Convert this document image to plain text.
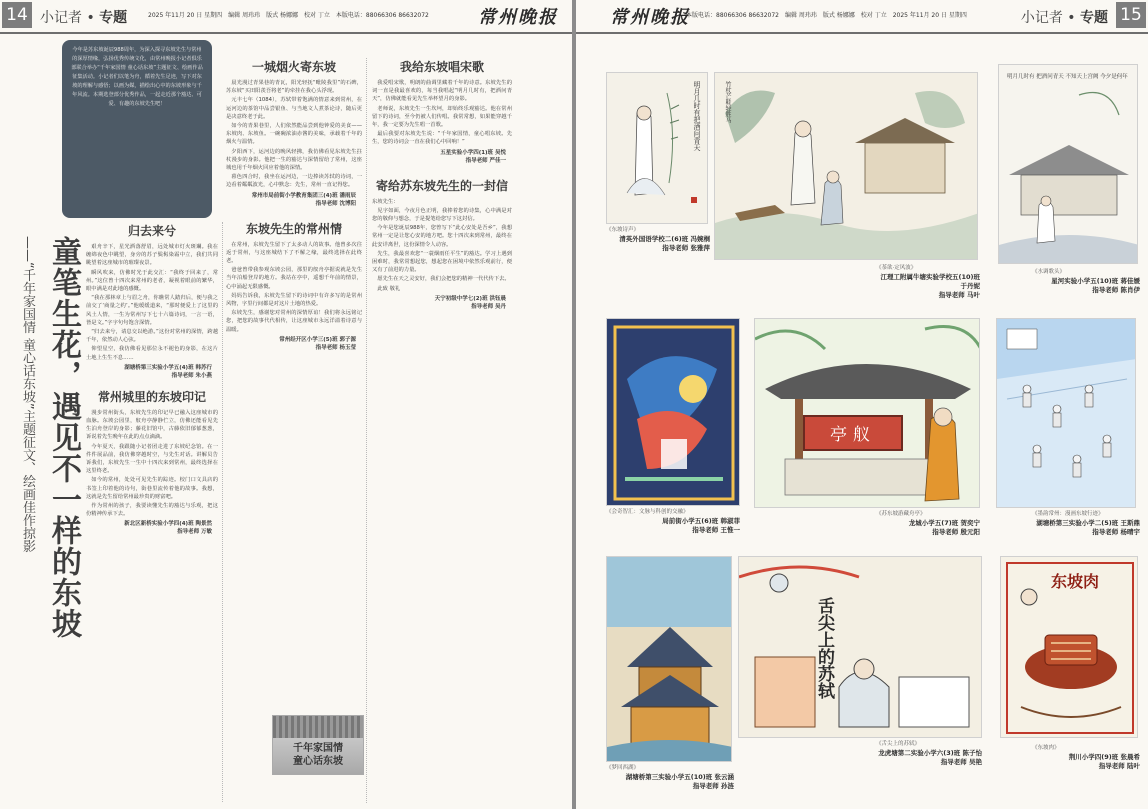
14 小记者 • 专题	2025 年11月 20 日 星期四　编辑 周玮玮　版式 杨娜娜　校对 丁立　本版电话：88066306 86632072	常州晚报

今年是苏东坡诞辰988周年，为深入探寻东坡先生与常州的深厚情缘，弘扬优秀传统文化，由常州晚报小记者俱乐部联合举办“千年家国情 童心话东坡”主题征文、绘画作品征集活动。小记者们以笔为舟，循着先生足迹，写下对东坡的理解与感悟；以画为媒，描绘出心中的东坡形象与千年风流。本期选登部分优秀作品，一起走近那个豁达、可爱、有趣的东坡先生吧！

——“千年家国情 童心话东坡”主题征文、绘画佳作掠影 童笔生花，遇见不一样的东坡
归去来兮

艰舟辛下，星光洒落舒眉，远处城市灯火斑斓。我在缠绵夜色中眺望，身旁的苏子鬓髯染霜中立，我们共同眺望着这座城市的璀璨夜景。

瞬风吹来，仿佛时光于此交汇：“我终于回来了，常州。”这位曾十四次来常州的老者，凝视着眼前的繁华，眼中满是对此地的感慨。

“我在那林章上与眉之舟，你瞧常人踏归后，便与我之前交了‘商量之约’。”他缓缓道来，“那时便爱上了这里的风土人情，一生为常州写下七十六篇诗词，一言一语，皆是文。”字字句句饱含深情。

“归去来兮，请息交以绝游。”这份对常州的深情，跨越千年，依然动人心弦。

仰望星空，我仿佛看见那位永不褪色的身影，在这片土地上生生不息……

湖塘桥第三实验小学五(4)班 韩苏行
指导老师 朱小燕
常州城里的东坡印记

漫步常州街头，东坡先生的印记早已融入这座城市的血脉。东坡公园里，舣舟亭静静伫立，仿佛还能看见先生泊舟登岸的身影；藤花旧馆中，古藤依旧郁郁葱葱，诉说着先生晚年在此的点点滴滴。

今年夏天，我跟随小记者团走进了东坡纪念馆。在一件件展品前，我仿佛穿越时空，与先生对话。讲解员告诉我们，东坡先生一生中十四次来到常州，最终选择在这里终老。

如今的常州，处处可见先生的踪迹。校门口文具店的书签上印着他的诗句，街巷里流传着他的故事。我想，这就是先生留给常州最珍贵的财富吧。

作为常州的孩子，我要读懂先生的豁达与乐观，把这份精神传承下去。

新北区新桥实验小学四(4)班 陶景然
指导老师 万敏
一城烟火寄东坡

晨光漫过青果巷的青瓦，阳光轻抚“毗陵我里”的石碑，苏东坡“买田阳羡吾将老”的牵挂在我心头浮现。

元丰七年（1084），苏轼带着饱满的情意来到常州，在运河边的茶馆中品尝银鱼、与当地文人煮茶论诗，随后更是决意终老于此。

如今的青果巷里，人们依然能品尝到他钟爱的美食——东坡肉、东坡鱼。一碗碗浓油赤酱的美味，承载着千年的烟火与温情。

夕阳西下，运河边的晚风轻拂，我仿佛看见东坡先生拄杖漫步的身影。他把一生的豁达与深情留给了常州，这座城也用千年烟火回应着他的深情。

暮色四合时，我坐在运河边，一边捧读苏轼的诗词，一边看着粼粼波光，心中默念：先生，常州一直记得您。

常州市局前街小学教育集团三(4)班 潘雨辰
指导老师 沈博阳
东坡先生的常州情

在常州，东坡先生留下了太多动人的故事。他曾多次往返于常州，与这座城结下了不解之缘，最终选择在此终老。

爸爸曾带我参观东坡公园，那里的舣舟亭据说就是先生当年泊船登岸的地方。我站在亭中，遥想千年前的情景，心中涌起无限感慨。

妈妈告诉我，东坡先生留下的诗词中有许多写的是常州风物，字里行间都是对这片土地的热爱。

东坡先生，感谢您对常州的深情厚谊！我们将永远铭记您，把您的故事代代相传，让这座城市永远洋溢着诗意与温暖。

常州经开区小学三(5)班 郭子源
指导老师 杨玉莹
我给东坡唱宋歌

我爱唱宋歌，明朗的曲调里藏着千年的诗意。东坡先生的词一直是我最喜欢的，每当我唱起“明月几时有，把酒问青天”，仿佛就能看见先生举杯望月的身影。

老师说，东坡先生一生坎坷，却始终乐观豁达。他在常州留下的诗词，至今仍被人们传唱。我常常想，如果能穿越千年，我一定要为先生唱一首歌。

最后我要对东坡先生说：“千年家国情，童心唱东坡。先生，您的诗词会一直在我们心中回响！”

五星实验小学四(1)班 吴悦
指导老师 严佳一
寄给苏东坡先生的一封信

东坡先生：

见字如面，今夜月色正明，我捧着您的诗集，心中满是对您的敬仰与想念，于是提笔给您写下这封信。

今年是您诞辰988年，您曾写下“此心安处是吾乡”，我想常州一定是让您心安的地方吧。您十四次来到常州，最终在此安详离世，这份深情令人动容。

先生，我最喜欢您“一蓑烟雨任平生”的豁达。学习上遇到困难时，我常常想起您，想起您在困境中依然乐观前行，便又有了前进的力量。

愿先生在天之灵安好，我们会把您的精神一代代传下去。

此致 敬礼

天宁初级中学七(2)班 洪钰晨
指导老师 吴丹
千年家国情
童心话东坡
常州晚报
本版电话：88066306 86632072　编辑 周玮玮　版式 杨娜娜　校对 丁立　2025 年11月 20 日 星期四	小记者 • 专题 15
明月几时有把酒问青天
《东坡诗声》
清英外国语学校二(6)班 冯婉桐
指导老师 张雅萍
竹杖芒鞋轻胜马
《茶欲·定风波》
江理工附属牛塘实验学校五(10)班 于丹妮
指导老师 马叶
明月几时有 把酒问青天 不知天上宫阙 今夕是何年
《水调歌头》
星河实验小学五(10)班 蒋佳媛
指导老师 陈肖伊
《会奇智汇：文脉与科创的交融》
局前街小学五(6)班 韩淑菲
指导老师 王惟一
亭舣
《苏东坡游藏舟亭》
龙城小学五(7)班 贺奕宁
指导老师 殷元阳
《墨韵常州：漫画东坡行迹》
湖塘桥第三实验小学二(5)班 王斯鼎
指导老师 杨晴宇
《梦回西湖》
湖塘桥第三实验小学五(10)班 张云涵
指导老师 孙涟
舌尖上的苏轼
《舌尖上的苏轼》
龙虎塘第二实验小学六(3)班 陈子怡
指导老师 吴艳
东坡肉
《东坡肉》
荆川小学四(9)班 张晨希
指导老师 陆叶
